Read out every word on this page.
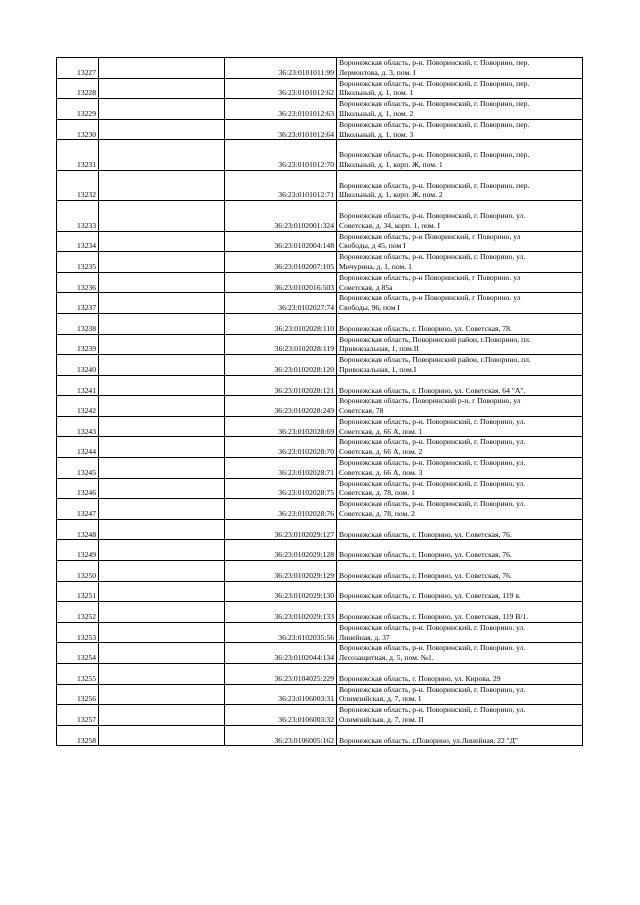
13227		36:23:0101011:99	Воронежская область, р-н. Поворинский, г. Поворино, пер.
Лермонтова, д. 3, пом. I

13228		36:23:0101012:62	Воронежская область, р-н. Поворинский, г. Поворино, пер.
Школьный, д. 1, пом. 1

13229		36:23:0101012:63	Воронежская область, р-н. Поворинский, г. Поворино, пер.
Школьный, д. 1, пом. 2

13230		36:23:0101012:64	Воронежская область, р-н. Поворинский, г. Поворино, пер.
Школьный, д. 1, пом. 3

13231		36:23:0101012:70	Воронежская область, р-н. Поворинский, г. Поворино, пер.
Школьный, д. 1, корп. Ж, пом. 1

13232		36:23:0101012:71	Воронежская область, р-н. Поворинский, г. Поворино, пер.
Школьный, д. 1, корп. Ж, пом. 2

13233		36:23:0102001:324	Воронежская область, р-н. Поворинский, г. Поворино, ул.
Советская, д. 34, корп. 1, пом. I

13234		36:23:0102004:148	Воронежская область, р-н Поворинский, г Поворино, ул
Свободы, д 45, пом I

13235		36:23:0102007:105	Воронежская область, р-н. Поворинский, г. Поворино, ул.
Мичурина, д. 1, пом. 1

13236		36:23:0102016:503	Воронежская область, р-н Поворинский, г Поворино. ул
Советская, д 85а

13237		36:23:0102027:74	Воронежская область, р-н Поворинский, г Поворино. ул
Свободы, 96, пом I

13238		36:23:0102028:110	Воронежская область, г. Поворино, ул. Советская, 78.

13239		36:23:0102028:119	Воронежская область, Поворинский район, г.Поворино, пл.
Привокзальная, 1, пом.II

13240		36:23:0102028:120	Воронежская область, Поворинский район, г.Поворино, пл.
Привокзальная, 1, пом.I

13241		36:23:0102028:121	Воронежская область, г. Поворино, ул. Советская. 64 "А".

13242		36:23:0102028:249	Воронежская область, Поворинский р-н, г Поворино, ул
Советская, 78

13243		36:23:0102028:69	Воронежская область, р-н. Поворинский, г. Поворино, ул.
Советская, д. 66 А, пом. 1

13244		36:23:0102028:70	Воронежская область, р-н. Поворинский, г. Поворино, ул.
Советская, д. 66 А, пом. 2

13245		36:23:0102028:71	Воронежская область, р-н. Поворинский, г. Поворино, ул.
Советская, д. 66 А, пом. 3

13246		36:23:0102028:75	Воронежская область, р-н. Поворинский, г. Поворино, ул.
Советская, д. 78, пом. 1

13247		36:23:0102028:76	Воронежская область, р-н. Поворинский, г. Поворино, ул.
Советская, д. 78, пом. 2

13248		36:23:0102029:127	Воронежская область, г. Поворино, ул. Советская, 76.

13249		36:23:0102029:128	Воронежская область, г. Поворино, ул. Советская, 76.

13250		36:23:0102029:129	Воронежская область, г. Поворино, ул. Советская, 76.

13251		36:23:0102029:130	Воронежская область, г. Поворино, ул. Советская, 119 в.

13252		36:23:0102029:133	Воронежская область, г. Поворино, ул. Советская, 119 В/1.

13253		36:23:0102035:56	Воронежская область, р-н. Поворинский, г. Поворино. ул.
Линейная, д. 37

13254		36:23:0102044:134	Воронежская область, р-н. Поворинский, г. Поворино. ул.
Лесозащитная, д. 5, пом. №1.

13255		36:23:0104025:229	Воронежская область, г. Поворино, ул. Кирова, 29

13256		36:23:0106003:31	Воронежская область, р-н. Поворинский, г. Поворино, ул.
Олимпийская, д. 7, пом. I

13257		36:23:0106003:32	Воронежская область, р-н. Поворинский, г. Поворино, ул.
Олимпийская, д. 7, пом. II

13258		36:23:0106005:162	Воронежская область. г.Поворино, ул.Линейная, 22 "Д"
